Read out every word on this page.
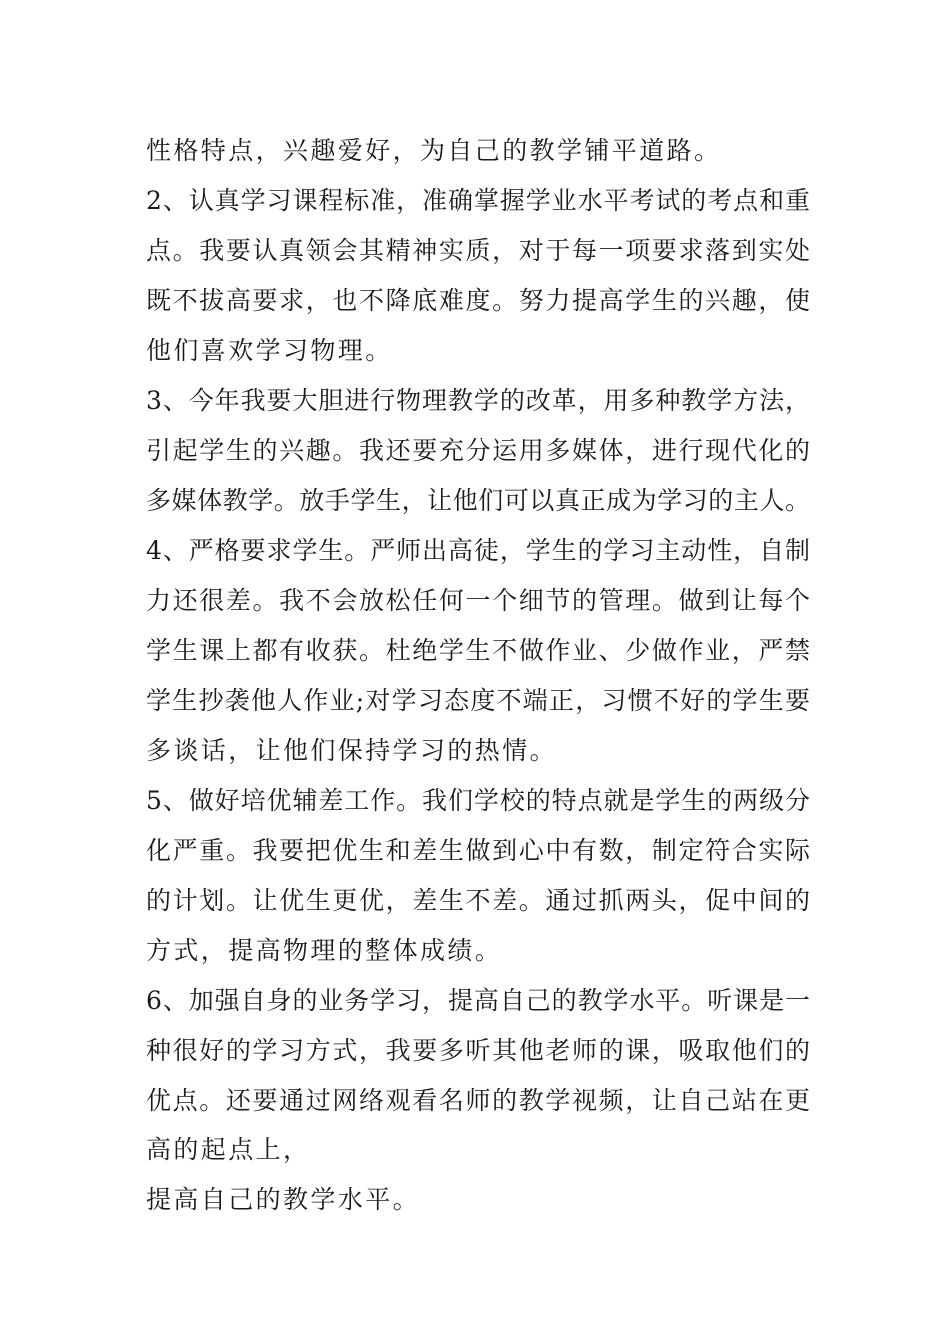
性格特点，兴趣爱好，为自己的教学铺平道路。
2、认真学习课程标准，准确掌握学业水平考试的考点和重
点。我要认真领会其精神实质，对于每一项要求落到实处
既不拔高要求，也不降底难度。努力提高学生的兴趣，使
他们喜欢学习物理。
3、今年我要大胆进行物理教学的改革，用多种教学方法，
引起学生的兴趣。我还要充分运用多媒体，进行现代化的
多媒体教学。放手学生，让他们可以真正成为学习的主人。
4、严格要求学生。严师出高徒，学生的学习主动性，自制
力还很差。我不会放松任何一个细节的管理。做到让每个
学生课上都有收获。杜绝学生不做作业、少做作业，严禁
学生抄袭他人作业;对学习态度不端正，习惯不好的学生要
多谈话，让他们保持学习的热情。
5、做好培优辅差工作。我们学校的特点就是学生的两级分
化严重。我要把优生和差生做到心中有数，制定符合实际
的计划。让优生更优，差生不差。通过抓两头，促中间的
方式，提高物理的整体成绩。
6、加强自身的业务学习，提高自己的教学水平。听课是一
种很好的学习方式，我要多听其他老师的课，吸取他们的
优点。还要通过网络观看名师的教学视频，让自己站在更
高的起点上，
提高自己的教学水平。
